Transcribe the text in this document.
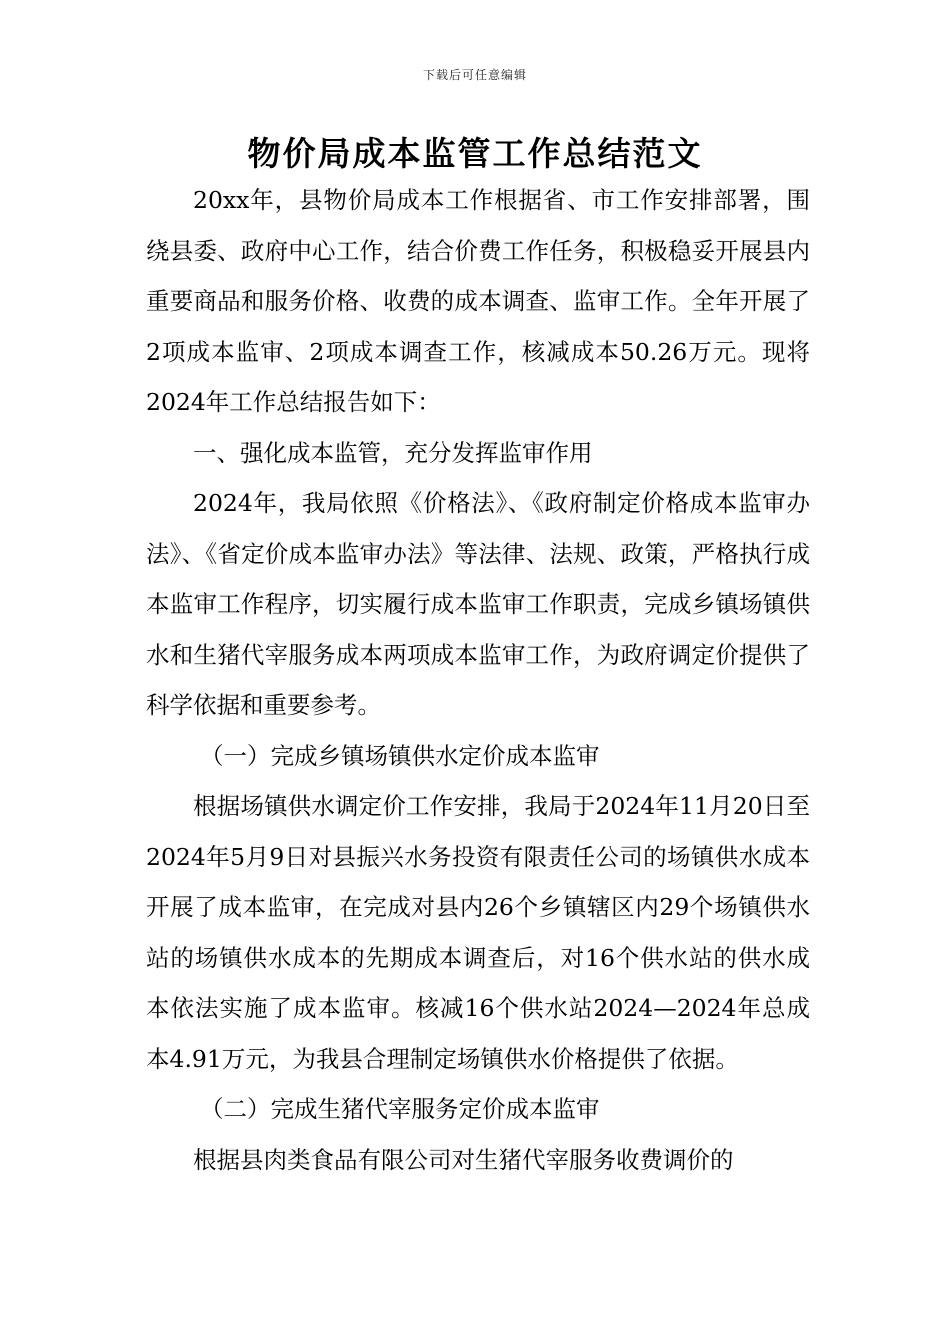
下载后可任意编辑
物价局成本监管工作总结范文

20xx年，县物价局成本工作根据省、市工作安排部署，围绕县委、政府中心工作，结合价费工作任务，积极稳妥开展县内重要商品和服务价格、收费的成本调查、监审工作。全年开展了2项成本监审、2项成本调查工作，核减成本50.26万元。现将2024年工作总结报告如下：

一、强化成本监管，充分发挥监审作用

2024年，我局依照《价格法》、《政府制定价格成本监审办法》、《省定价成本监审办法》等法律、法规、政策，严格执行成本监审工作程序，切实履行成本监审工作职责，完成乡镇场镇供水和生猪代宰服务成本两项成本监审工作，为政府调定价提供了科学依据和重要参考。

（一）完成乡镇场镇供水定价成本监审

根据场镇供水调定价工作安排，我局于2024年11月20日至2024年5月9日对县振兴水务投资有限责任公司的场镇供水成本开展了成本监审，在完成对县内26个乡镇辖区内29个场镇供水站的场镇供水成本的先期成本调查后，对16个供水站的供水成本依法实施了成本监审。核减16个供水站2024—2024年总成本4.91万元，为我县合理制定场镇供水价格提供了依据。

（二）完成生猪代宰服务定价成本监审

根据县肉类食品有限公司对生猪代宰服务收费调价的
